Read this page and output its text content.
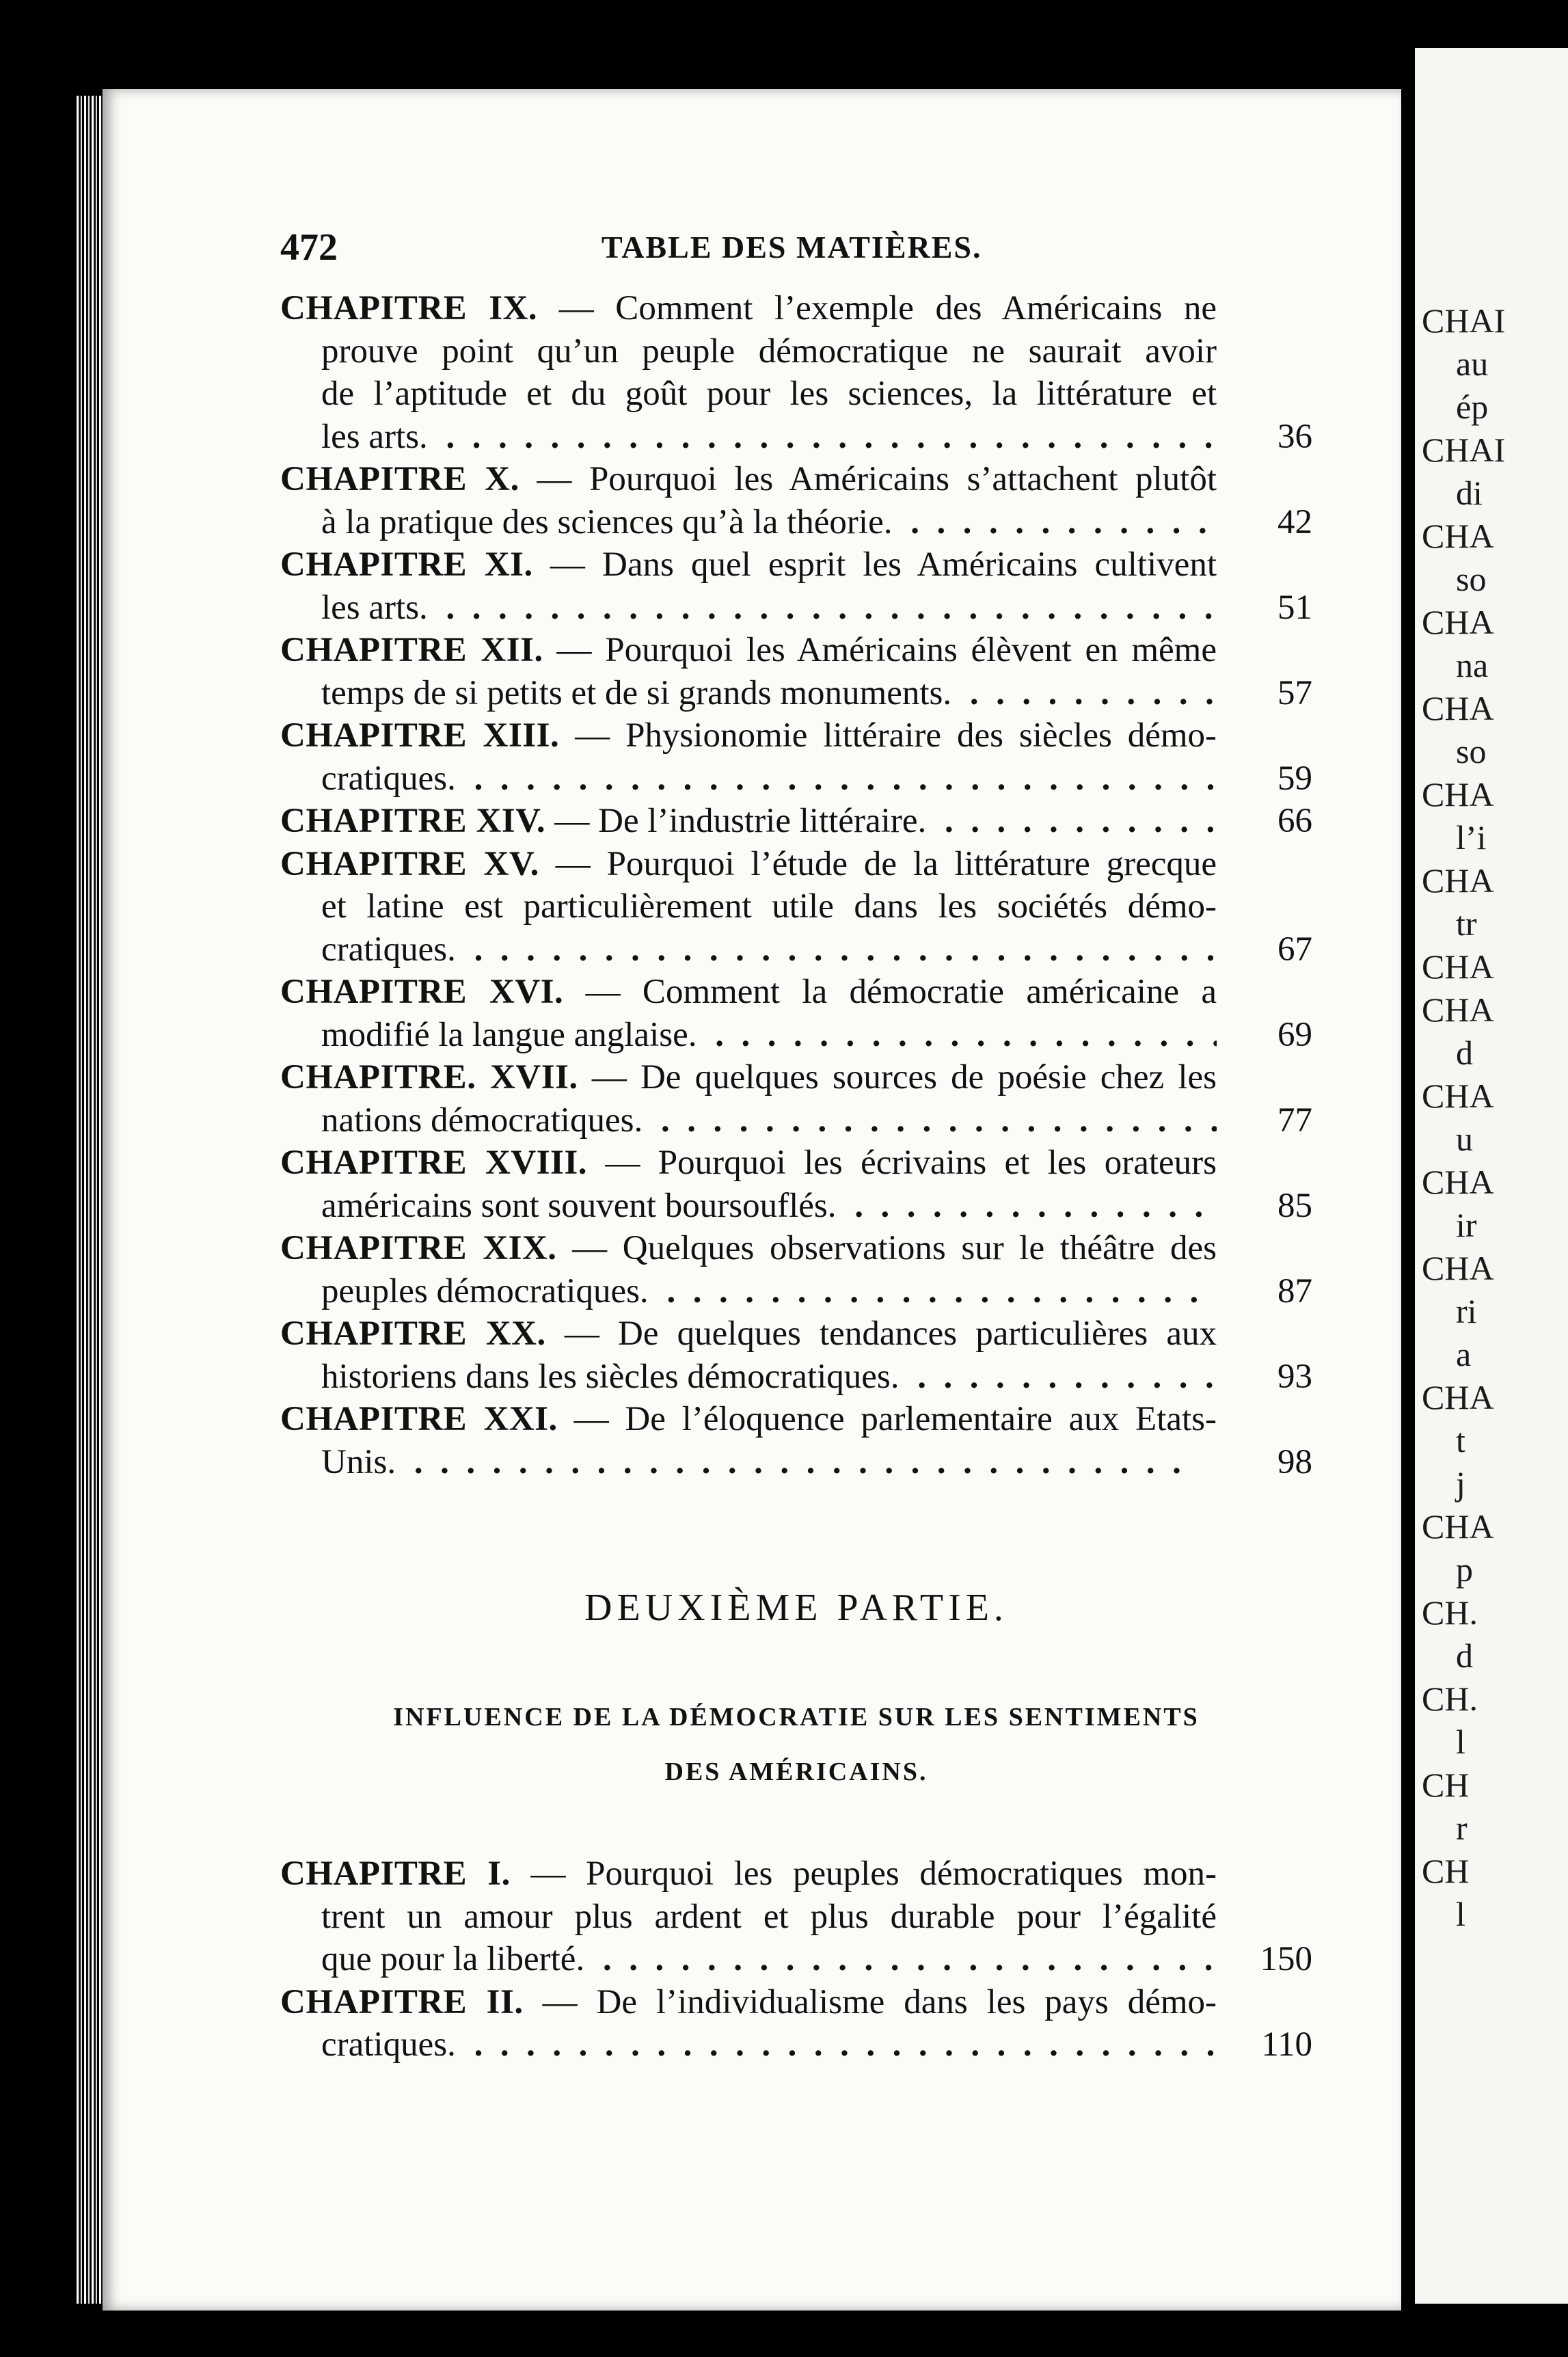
CHAI
au
ép
CHAI
di
CHA
so
CHA
na
CHA
so
CHA
l’i
CHA
tr
CHA
CHA
d
CHA
u
CHA
ir
CHA
ri
a
CHA
t
j
CHA
p
CH.
d
CH.
l
CH
r
CH
l
472	TABLE DES MATIÈRES.
CHAPITRE IX. — Comment l’exemple des Américains ne
prouve point qu’un peuple démocratique ne saurait avoir
de l’aptitude et du goût pour les sciences, la littérature et
les arts. . .	36
CHAPITRE X. — Pourquoi les Américains s’attachent plutôt
à la pratique des sciences qu’à la théorie. . .	42
CHAPITRE XI. — Dans quel esprit les Américains cultivent
les arts. . .	51
CHAPITRE XII. — Pourquoi les Américains élèvent en même
temps de si petits et de si grands monuments. . .	57
CHAPITRE XIII. — Physionomie littéraire des siècles démo-
cratiques. . .	59
CHAPITRE XIV. — De l’industrie littéraire. . .	66
CHAPITRE XV. — Pourquoi l’étude de la littérature grecque
et latine est particulièrement utile dans les sociétés démo-
cratiques. . .	67
CHAPITRE XVI. — Comment la démocratie américaine a
modifié la langue anglaise. . .	69
CHAPITRE. XVII. — De quelques sources de poésie chez les
nations démocratiques. . .	77
CHAPITRE XVIII. — Pourquoi les écrivains et les orateurs
américains sont souvent boursouflés. . .	85
CHAPITRE XIX. — Quelques observations sur le théâtre des
peuples démocratiques. . .	87
CHAPITRE XX. — De quelques tendances particulières aux
historiens dans les siècles démocratiques. . .	93
CHAPITRE XXI. — De l’éloquence parlementaire aux Etats-
Unis. . .	98
DEUXIÈME PARTIE.
INFLUENCE DE LA DÉMOCRATIE SUR LES SENTIMENTS
DES AMÉRICAINS.
CHAPITRE I. — Pourquoi les peuples démocratiques mon-
trent un amour plus ardent et plus durable pour l’égalité
que pour la liberté. . .	150
CHAPITRE II. — De l’individualisme dans les pays démo-
cratiques. . .	110
